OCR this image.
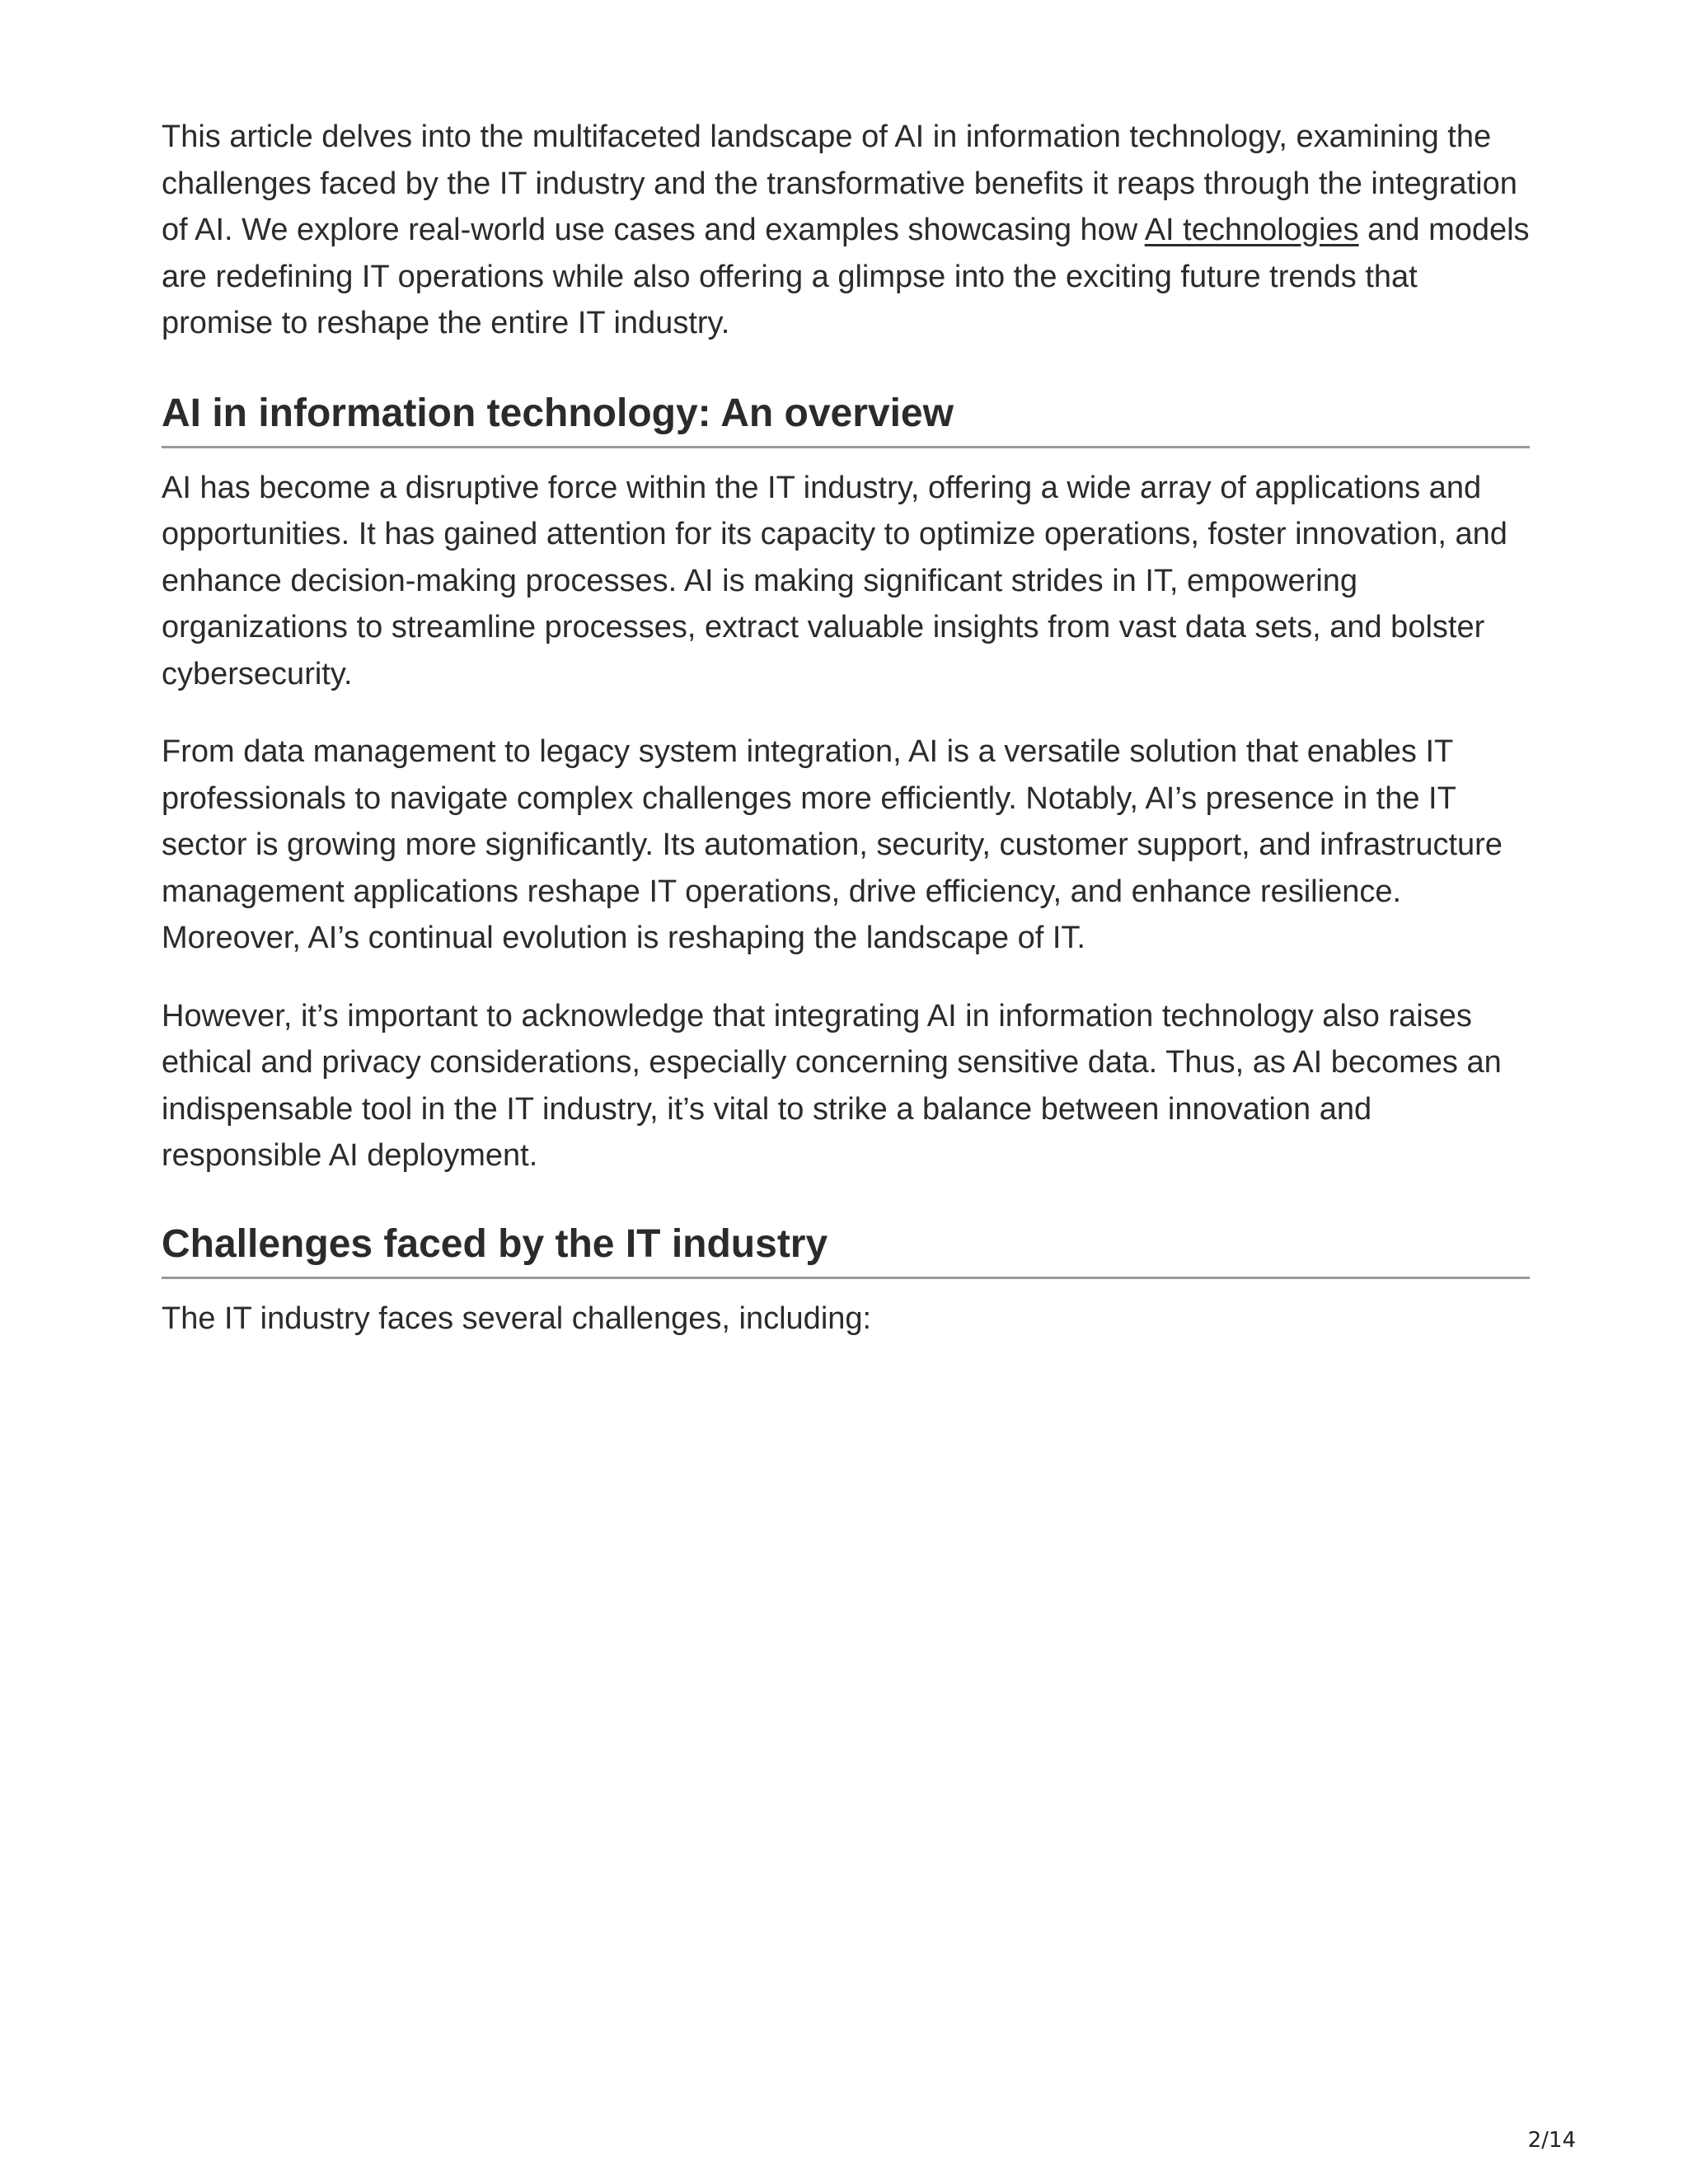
This article delves into the multifaceted landscape of AI in information technology, examining the challenges faced by the IT industry and the transformative benefits it reaps through the integration of AI. We explore real-world use cases and examples showcasing how AI technologies and models are redefining IT operations while also offering a glimpse into the exciting future trends that promise to reshape the entire IT industry.

AI in information technology: An overview

AI has become a disruptive force within the IT industry, offering a wide array of applications and opportunities. It has gained attention for its capacity to optimize operations, foster innovation, and enhance decision-making processes. AI is making significant strides in IT, empowering organizations to streamline processes, extract valuable insights from vast data sets, and bolster cybersecurity.

From data management to legacy system integration, AI is a versatile solution that enables IT professionals to navigate complex challenges more efficiently. Notably, AI’s presence in the IT sector is growing more significantly. Its automation, security, customer support, and infrastructure management applications reshape IT operations, drive efficiency, and enhance resilience. Moreover, AI’s continual evolution is reshaping the landscape of IT.

However, it’s important to acknowledge that integrating AI in information technology also raises ethical and privacy considerations, especially concerning sensitive data. Thus, as AI becomes an indispensable tool in the IT industry, it’s vital to strike a balance between innovation and responsible AI deployment.

Challenges faced by the IT industry

The IT industry faces several challenges, including:

2/14
